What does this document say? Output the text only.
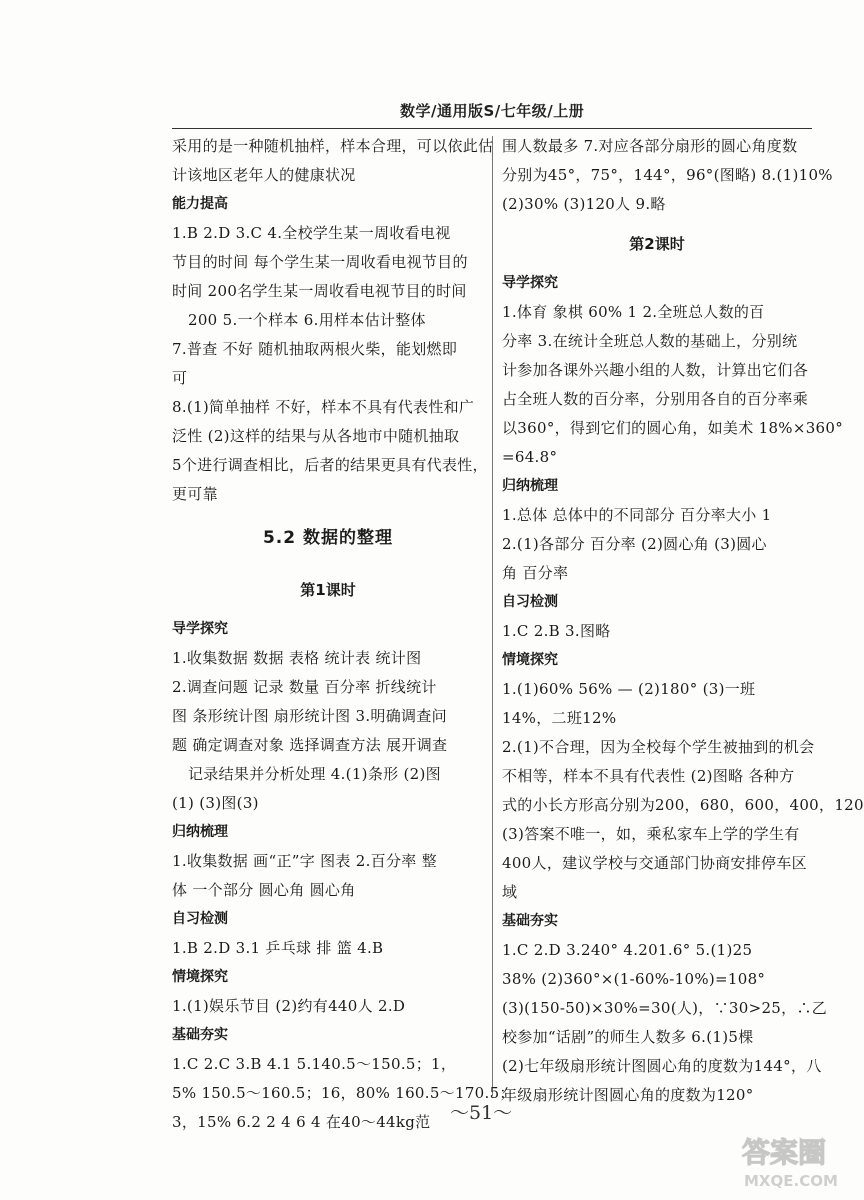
数学/通用版S/七年级/上册
采用的是一种随机抽样，样本合理，可以依此估
计该地区老年人的健康状况
能力提高
1.B 2.D 3.C 4.全校学生某一周收看电视
节目的时间 每个学生某一周收看电视节目的
时间 200名学生某一周收看电视节目的时间
200 5.一个样本 6.用样本估计整体
7.普查 不好 随机抽取两根火柴，能划燃即
可
8.(1)简单抽样 不好，样本不具有代表性和广
泛性 (2)这样的结果与从各地市中随机抽取
5个进行调查相比，后者的结果更具有代表性，
更可靠
5.2 数据的整理
第1课时
导学探究
1.收集数据 数据 表格 统计表 统计图
2.调查问题 记录 数量 百分率 折线统计
图 条形统计图 扇形统计图 3.明确调查问
题 确定调查对象 选择调查方法 展开调查
记录结果并分析处理 4.(1)条形 (2)图
(1) (3)图(3)
归纳梳理
1.收集数据 画“正”字 图表 2.百分率 整
体 一个部分 圆心角 圆心角
自习检测
1.B 2.D 3.1 乒乓球 排 篮 4.B
情境探究
1.(1)娱乐节目 (2)约有440人 2.D
基础夯实
1.C 2.C 3.B 4.1 5.140.5～150.5；1，
5% 150.5～160.5；16，80% 160.5～170.5；
3，15% 6.2 2 4 6 4 在40～44kg范
围人数最多 7.对应各部分扇形的圆心角度数
分别为45°，75°，144°，96°(图略) 8.(1)10%
(2)30% (3)120人 9.略
第2课时
导学探究
1.体育 象棋 60% 1 2.全班总人数的百
分率 3.在统计全班总人数的基础上，分别统
计参加各课外兴趣小组的人数，计算出它们各
占全班人数的百分率，分别用各自的百分率乘
以360°，得到它们的圆心角，如美术 18%×360°
=64.8°
归纳梳理
1.总体 总体中的不同部分 百分率大小 1
2.(1)各部分 百分率 (2)圆心角 (3)圆心
角 百分率
自习检测
1.C 2.B 3.图略
情境探究
1.(1)60% 56% — (2)180° (3)一班
14%，二班12%
2.(1)不合理，因为全校每个学生被抽到的机会
不相等，样本不具有代表性 (2)图略 各种方
式的小长方形高分别为200，680，600，400，120
(3)答案不唯一，如，乘私家车上学的学生有
400人，建议学校与交通部门协商安排停车区
域
基础夯实
1.C 2.D 3.240° 4.201.6° 5.(1)25
38% (2)360°×(1-60%-10%)=108°
(3)(150-50)×30%=30(人)，∵30>25，∴乙
校参加“话剧”的师生人数多 6.(1)5棵
(2)七年级扇形统计图圆心角的度数为144°，八
年级扇形统计图圆心角的度数为120°
～51～
答案圈
MXQE.COM
